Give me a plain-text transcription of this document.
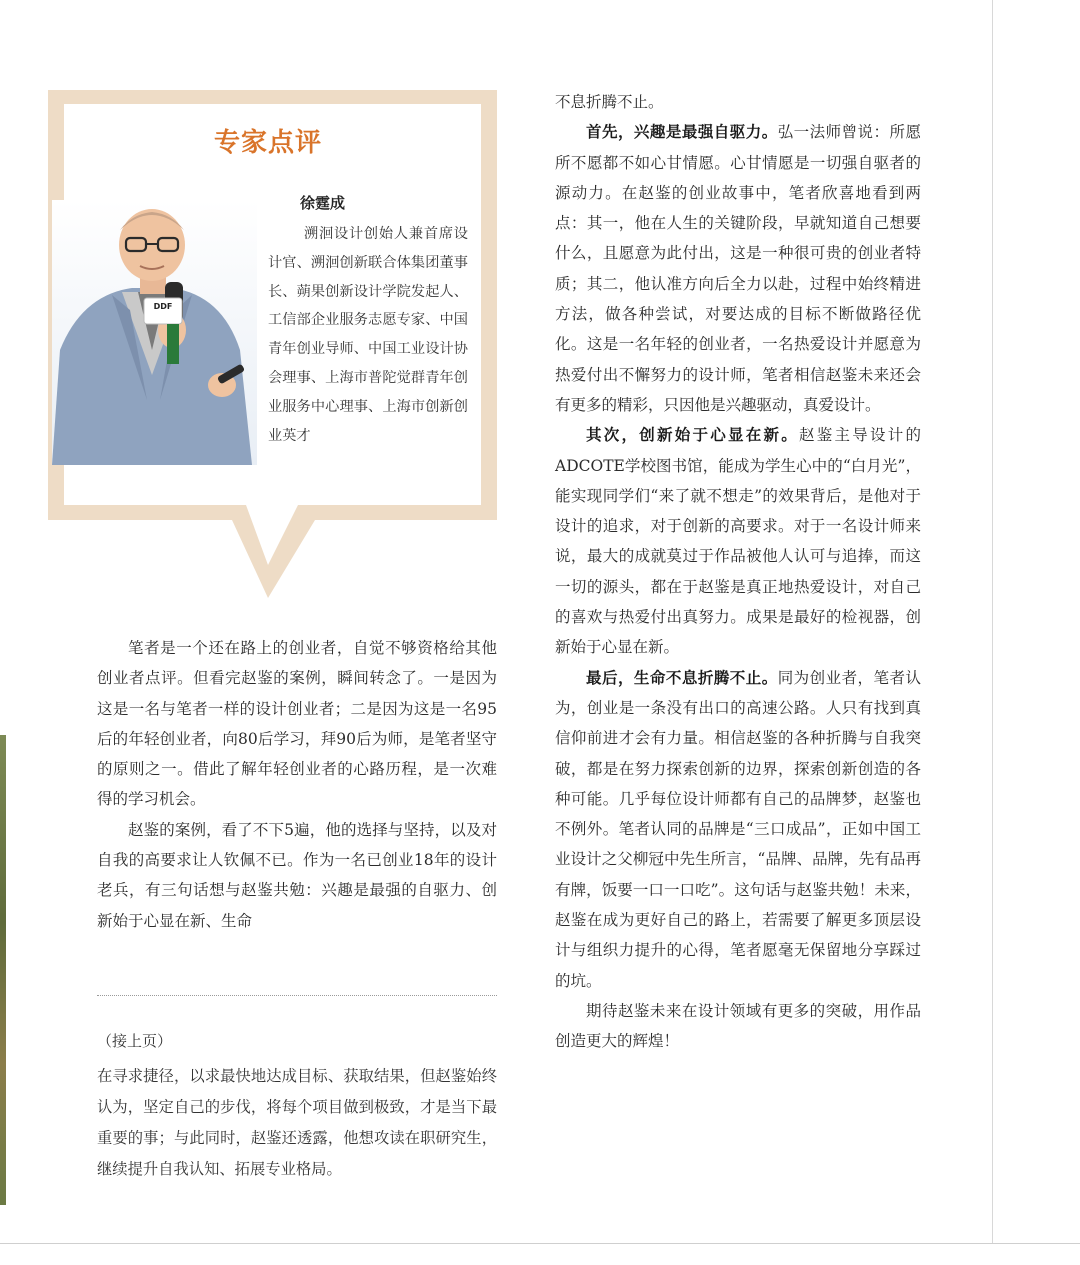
专家点评
徐霆成
溯洄设计创始人兼首席设计官、溯洄创新联合体集团董事长、蒴果创新设计学院发起人、工信部企业服务志愿专家、中国青年创业导师、中国工业设计协会理事、上海市普陀觉群青年创业服务中心理事、上海市创新创业英才
DDF

笔者是一个还在路上的创业者，自觉不够资格给其他创业者点评。但看完赵鉴的案例，瞬间转念了。一是因为这是一名与笔者一样的设计创业者；二是因为这是一名95后的年轻创业者，向80后学习，拜90后为师，是笔者坚守的原则之一。借此了解年轻创业者的心路历程，是一次难得的学习机会。

赵鉴的案例，看了不下5遍，他的选择与坚持，以及对自我的高要求让人钦佩不已。作为一名已创业18年的设计老兵，有三句话想与赵鉴共勉：兴趣是最强的自驱力、创新始于心显在新、生命

（接上页）

在寻求捷径，以求最快地达成目标、获取结果，但赵鉴始终认为，坚定自己的步伐，将每个项目做到极致，才是当下最重要的事；与此同时，赵鉴还透露，他想攻读在职研究生，继续提升自我认知、拓展专业格局。

不息折腾不止。

首先，兴趣是最强自驱力。弘一法师曾说：所愿所不愿都不如心甘情愿。心甘情愿是一切强自驱者的源动力。在赵鉴的创业故事中，笔者欣喜地看到两点：其一，他在人生的关键阶段，早就知道自己想要什么，且愿意为此付出，这是一种很可贵的创业者特质；其二，他认准方向后全力以赴，过程中始终精进方法，做各种尝试，对要达成的目标不断做路径优化。这是一名年轻的创业者，一名热爱设计并愿意为热爱付出不懈努力的设计师，笔者相信赵鉴未来还会有更多的精彩，只因他是兴趣驱动，真爱设计。

其次，创新始于心显在新。赵鉴主导设计的ADCOTE学校图书馆，能成为学生心中的“白月光”，能实现同学们“来了就不想走”的效果背后，是他对于设计的追求，对于创新的高要求。对于一名设计师来说，最大的成就莫过于作品被他人认可与追捧，而这一切的源头，都在于赵鉴是真正地热爱设计，对自己的喜欢与热爱付出真努力。成果是最好的检视器，创新始于心显在新。

最后，生命不息折腾不止。同为创业者，笔者认为，创业是一条没有出口的高速公路。人只有找到真信仰前进才会有力量。相信赵鉴的各种折腾与自我突破，都是在努力探索创新的边界，探索创新创造的各种可能。几乎每位设计师都有自己的品牌梦，赵鉴也不例外。笔者认同的品牌是“三口成品”，正如中国工业设计之父柳冠中先生所言，“品牌、品牌，先有品再有牌，饭要一口一口吃”。这句话与赵鉴共勉！未来，赵鉴在成为更好自己的路上，若需要了解更多顶层设计与组织力提升的心得，笔者愿毫无保留地分享踩过的坑。

期待赵鉴未来在设计领域有更多的突破，用作品创造更大的辉煌！
